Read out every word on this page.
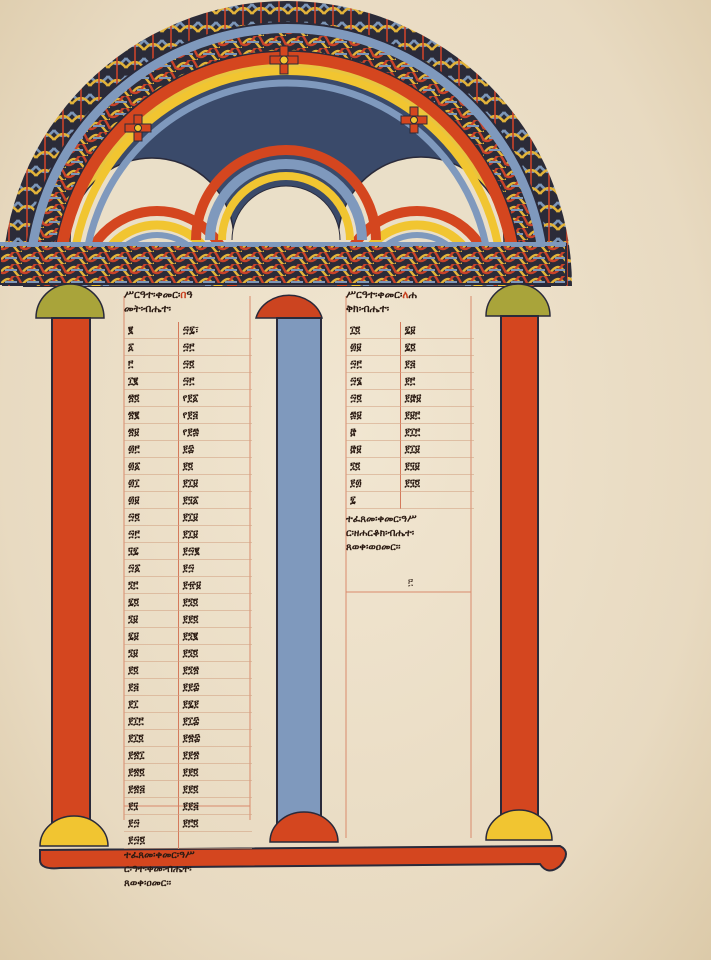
ሥርዓተ፡ቀመር፡በዓ
መት፡ብሔተ፡
፪	፵፯፣
፩	፵፫
፫	፵፬
፲፪	፵፫
፳፬	የ፻፩
፳፪	የ፻፭
፳፱	የ፻፷
፴፫	፻፰
፴፩	፻፬
፴፲	፻፲፱
፴፱	፻፶፩
፵፬	፻፲፱
፵፫	፻፲፱
፶፯	፻፵፪
፵፩	፻፵
፺፫	፻፹፱
፯፬	፻፺፬
፺፱	፻፻፬
፯፱	፻፺፪
፺፱	፻፺፬
፻፬	፻፺፳
፻፭	፻፻፰
፻፲	፻፯፻
፻፲፫	፻፲፰
፻፲፬	፻፳፰
፻፳፲	፻፻፳
፻፳፬	፻፻፬
፻፳፭	፻፻፬
፻፶	፻፻፭
፻፵	፻፫፬
፻፵፬	
ተፈጸመ፡ቀመር፡ዓሥ
ር፡ዓተ፡ቀመ፡ብሔተ፡
ጸወቀ፡ዐመር፡፡
ሥርዓተ፡ቀመር፡ለሐ
ቅክ፡ብሔተ፡
፲፬	፯፱
፴፱	፯፬
፵፫	፻፭
፵፮	፻፫
፵፬	፻፸፱
፷፱	፻፱፫
፸	፻፲፫
፸፱	፻፲፱
፺፬	፻፶፱
፻፴	፻፶፬
፯	
ተፈጸመ፡ቀመር፡ዓሥ
ር፡ዘሐርቆክ፡ብሔተ፡
ጸወቀ፡ወዐመር፡፡
፫
